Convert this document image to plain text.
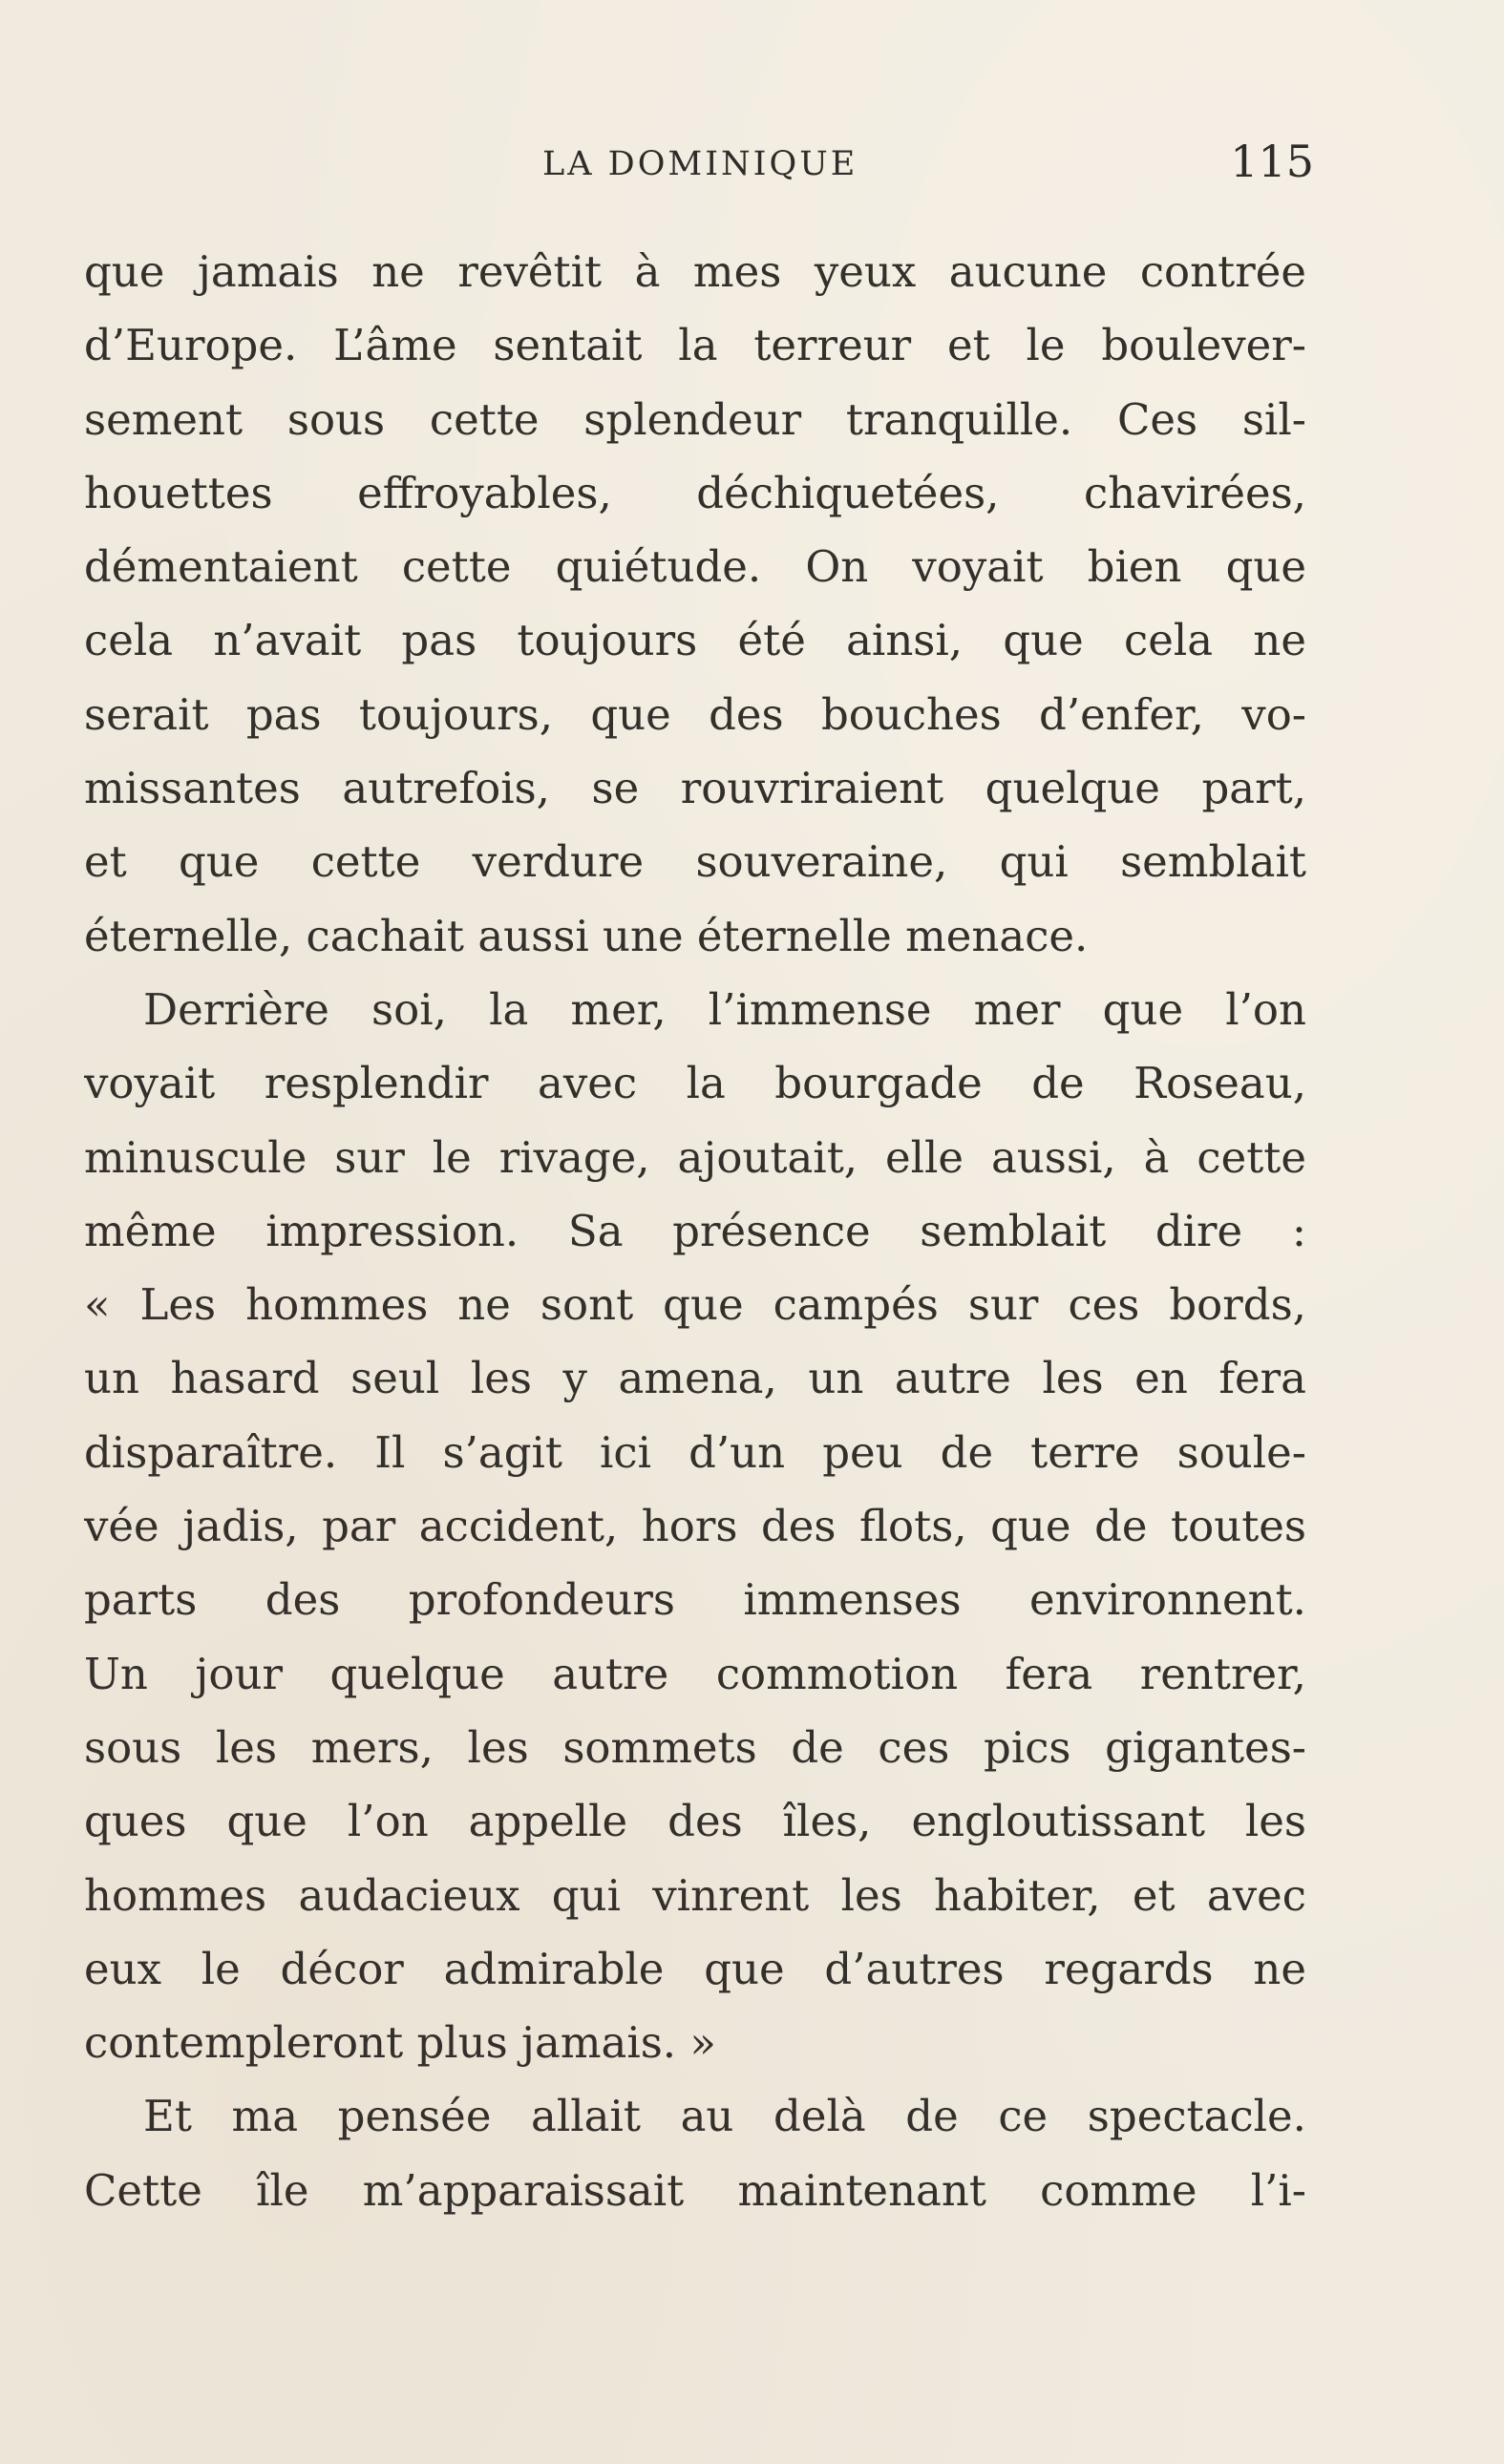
LA DOMINIQUE	115
que jamais ne revêtit à mes yeux aucune contrée
d’Europe. L’âme sentait la terreur et le boulever-
sement sous cette splendeur tranquille. Ces sil-
houettes effroyables, déchiquetées, chavirées,
démentaient cette quiétude. On voyait bien que
cela n’avait pas toujours été ainsi, que cela ne
serait pas toujours, que des bouches d’enfer, vo-
missantes autrefois, se rouvriraient quelque part,
et que cette verdure souveraine, qui semblait
éternelle, cachait aussi une éternelle menace.
Derrière soi, la mer, l’immense mer que l’on
voyait resplendir avec la bourgade de Roseau,
minuscule sur le rivage, ajoutait, elle aussi, à cette
même impression. Sa présence semblait dire :
« Les hommes ne sont que campés sur ces bords,
un hasard seul les y amena, un autre les en fera
disparaître. Il s’agit ici d’un peu de terre soule-
vée jadis, par accident, hors des flots, que de toutes
parts des profondeurs immenses environnent.
Un jour quelque autre commotion fera rentrer,
sous les mers, les sommets de ces pics gigantes-
ques que l’on appelle des îles, engloutissant les
hommes audacieux qui vinrent les habiter, et avec
eux le décor admirable que d’autres regards ne
contempleront plus jamais. »
Et ma pensée allait au delà de ce spectacle.
Cette île m’apparaissait maintenant comme l’i-
